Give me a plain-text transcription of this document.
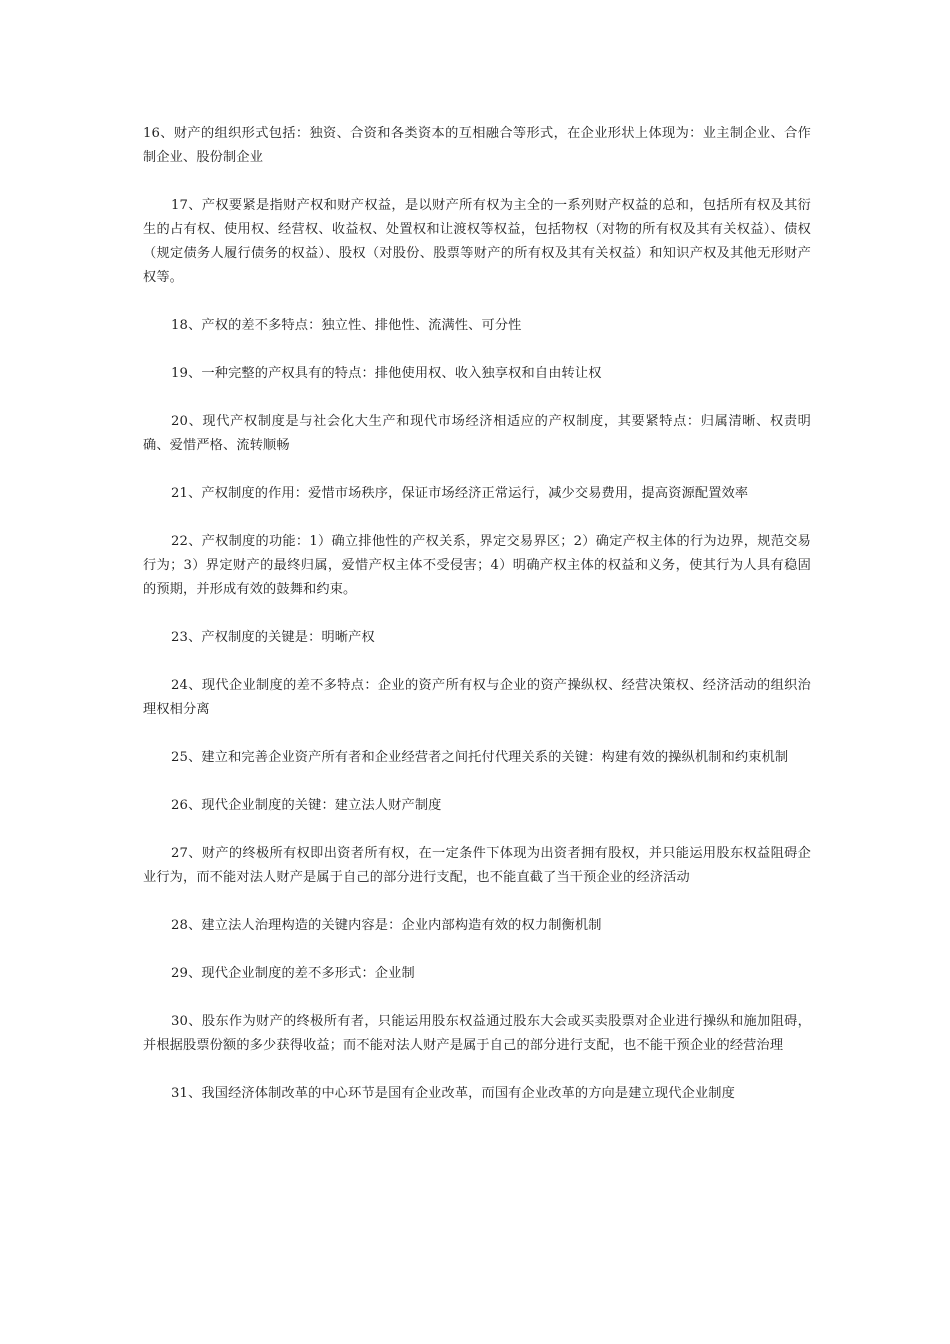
16、财产的组织形式包括：独资、合资和各类资本的互相融合等形式，在企业形状上体现为：业主制企业、合作制企业、股份制企业

17、产权要紧是指财产权和财产权益，是以财产所有权为主全的一系列财产权益的总和，包括所有权及其衍生的占有权、使用权、经营权、收益权、处置权和让渡权等权益，包括物权（对物的所有权及其有关权益）、债权（规定债务人履行债务的权益）、股权（对股份、股票等财产的所有权及其有关权益）和知识产权及其他无形财产权等。

18、产权的差不多特点：独立性、排他性、流满性、可分性

19、一种完整的产权具有的特点：排他使用权、收入独享权和自由转让权

20、现代产权制度是与社会化大生产和现代市场经济相适应的产权制度，其要紧特点：归属清晰、权责明确、爱惜严格、流转顺畅

21、产权制度的作用：爱惜市场秩序，保证市场经济正常运行，减少交易费用，提高资源配置效率

22、产权制度的功能：1）确立排他性的产权关系，界定交易界区；2）确定产权主体的行为边界，规范交易行为；3）界定财产的最终归属，爱惜产权主体不受侵害；4）明确产权主体的权益和义务，使其行为人具有稳固的预期，并形成有效的鼓舞和约束。

23、产权制度的关键是：明晰产权

24、现代企业制度的差不多特点：企业的资产所有权与企业的资产操纵权、经营决策权、经济活动的组织治理权相分离

25、建立和完善企业资产所有者和企业经营者之间托付代理关系的关键：构建有效的操纵机制和约束机制

26、现代企业制度的关键：建立法人财产制度

27、财产的终极所有权即出资者所有权，在一定条件下体现为出资者拥有股权，并只能运用股东权益阻碍企业行为，而不能对法人财产是属于自己的部分进行支配，也不能直截了当干预企业的经济活动

28、建立法人治理构造的关键内容是：企业内部构造有效的权力制衡机制

29、现代企业制度的差不多形式：企业制

30、股东作为财产的终极所有者，只能运用股东权益通过股东大会或买卖股票对企业进行操纵和施加阻碍，并根据股票份额的多少获得收益；而不能对法人财产是属于自己的部分进行支配，也不能干预企业的经营治理

31、我国经济体制改革的中心环节是国有企业改革，而国有企业改革的方向是建立现代企业制度
